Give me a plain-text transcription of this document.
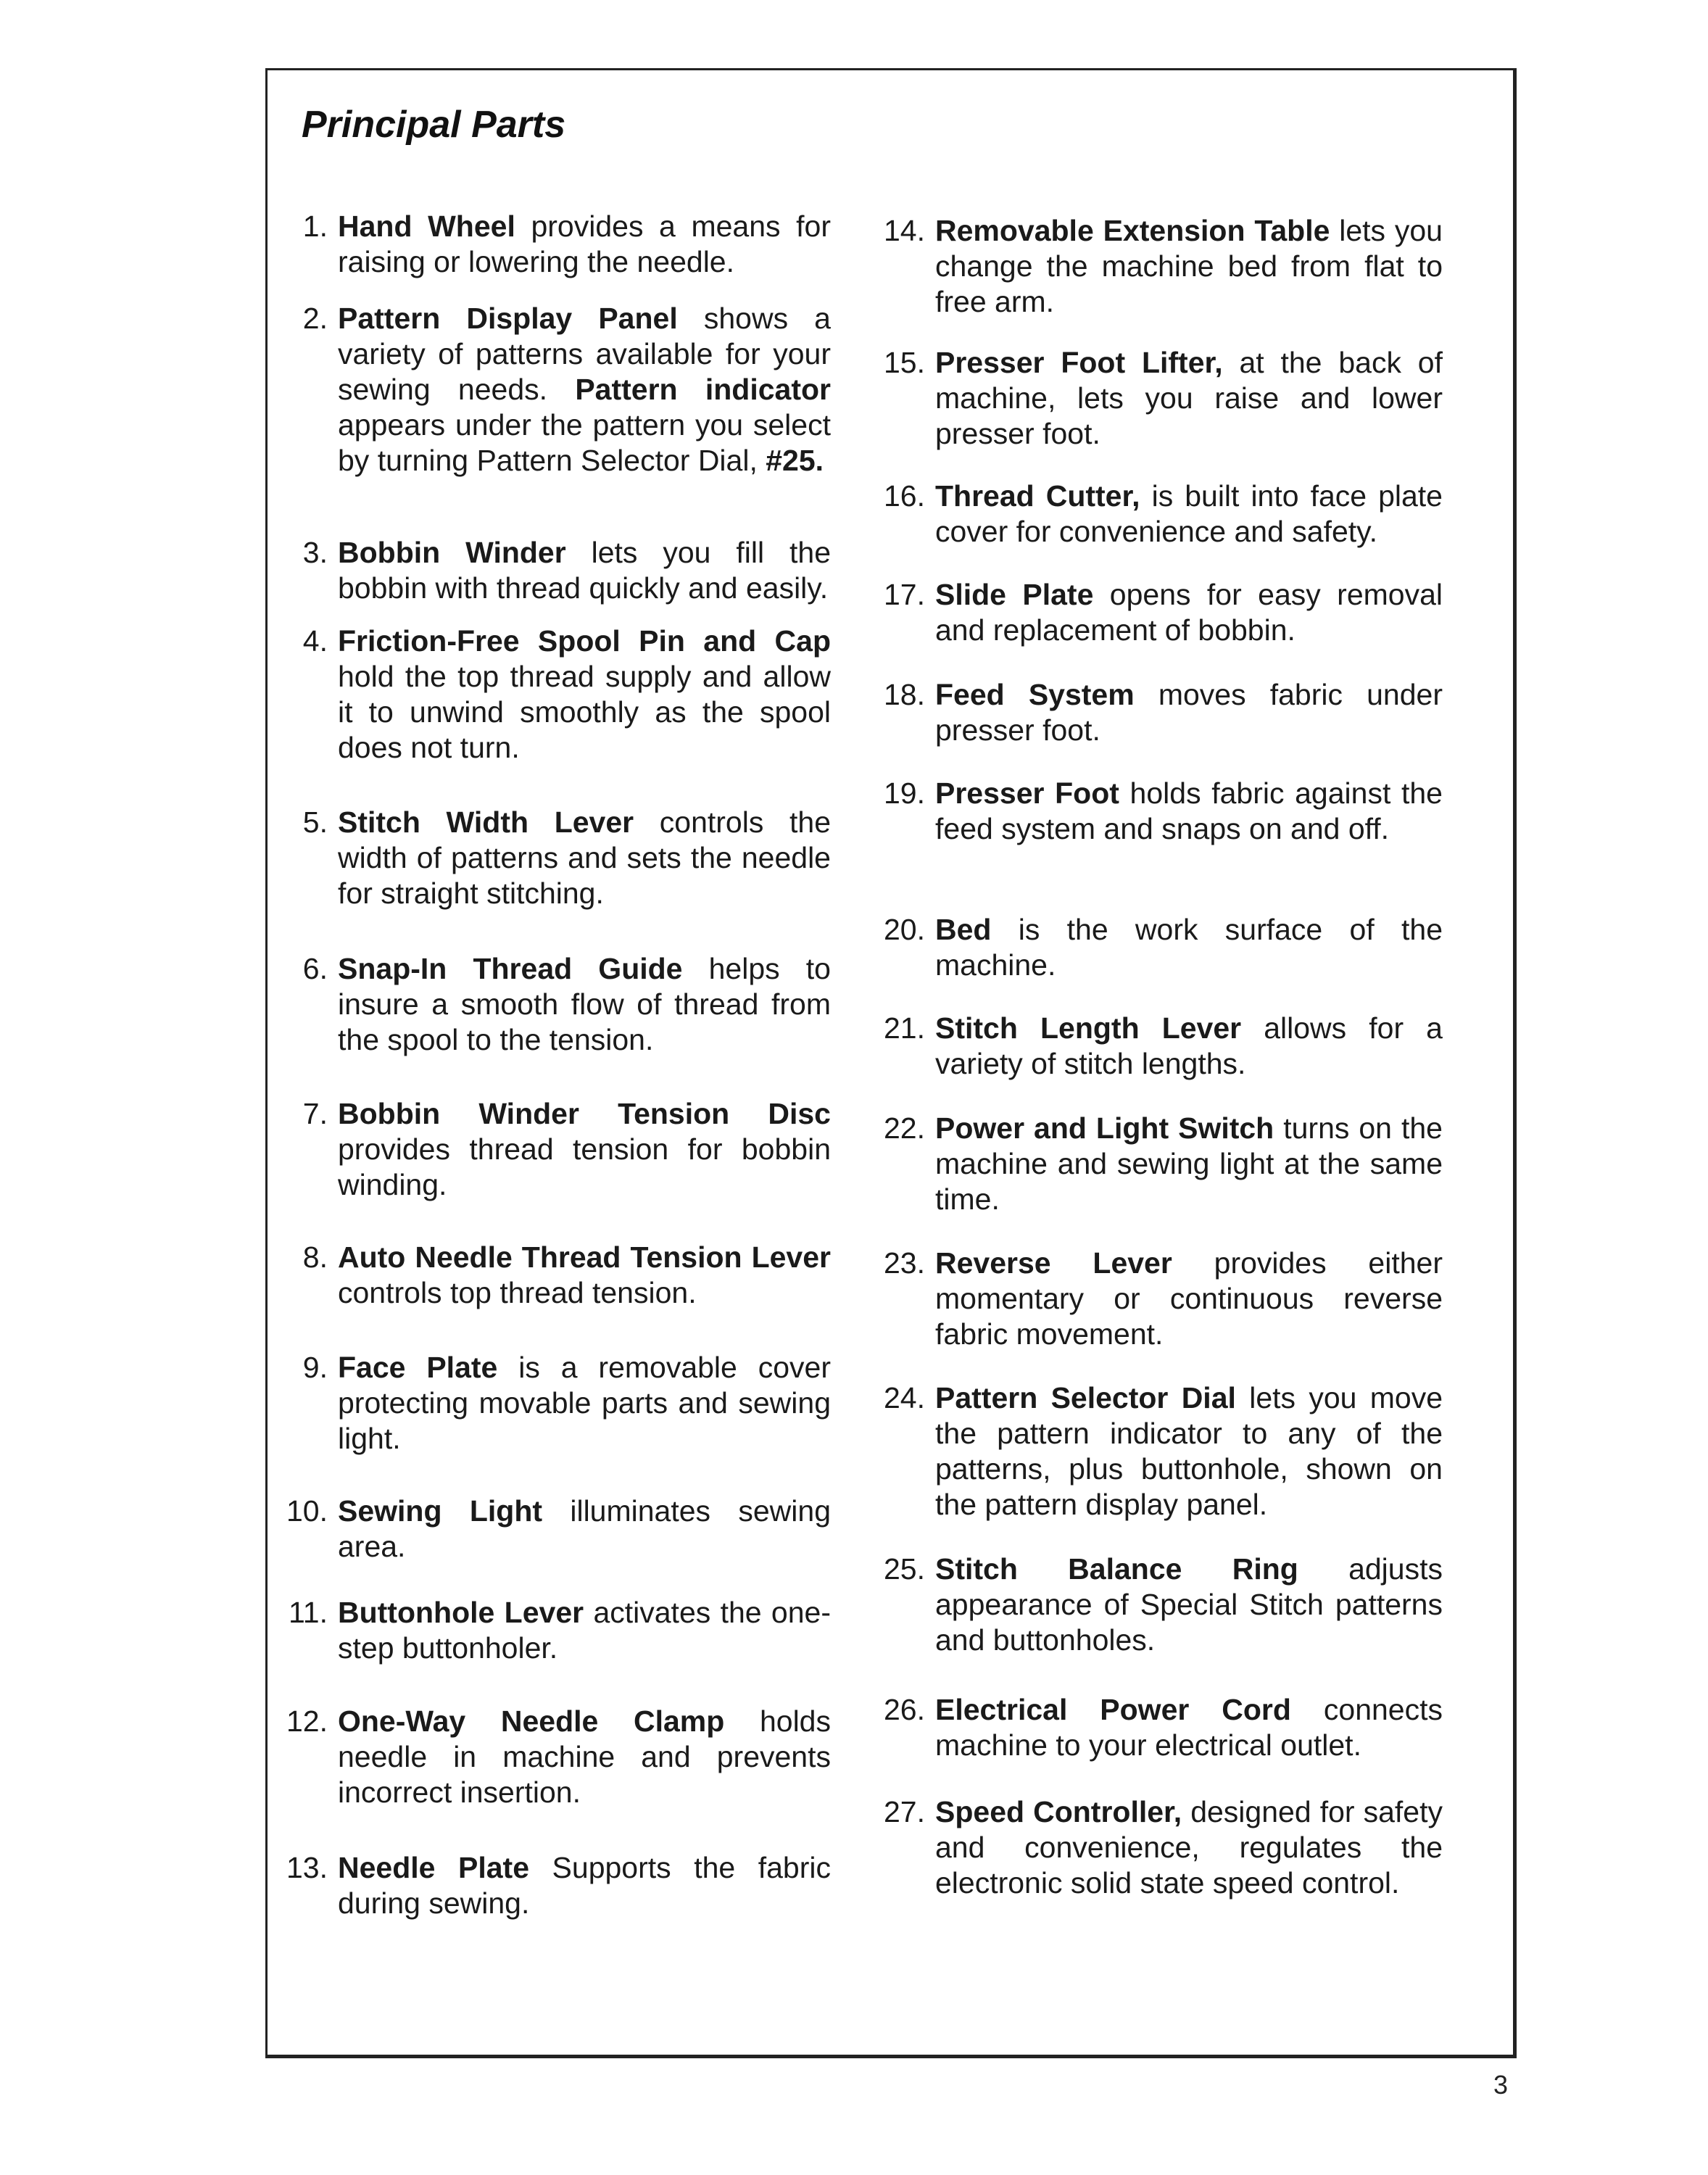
Principal Parts
1. Hand Wheel provides a means for raising or lowering the needle.
2. Pattern Display Panel shows a variety of patterns available for your sewing needs. Pattern indicator appears under the pattern you select by turning Pattern Selector Dial, #25.
3. Bobbin Winder lets you fill the bobbin with thread quickly and easily.
4. Friction-Free Spool Pin and Cap hold the top thread supply and allow it to unwind smoothly as the spool does not turn.
5. Stitch Width Lever controls the width of patterns and sets the needle for straight stitching.
6. Snap-In Thread Guide helps to insure a smooth flow of thread from the spool to the tension.
7. Bobbin Winder Tension Disc provides thread tension for bobbin winding.
8. Auto Needle Thread Tension Lever controls top thread tension.
9. Face Plate is a removable cover protecting movable parts and sewing light.
10. Sewing Light illuminates sewing area.
11. Buttonhole Lever activates the one-step buttonholer.
12. One-Way Needle Clamp holds needle in machine and prevents incorrect insertion.
13. Needle Plate Supports the fabric during sewing.
14. Removable Extension Table lets you change the machine bed from flat to free arm.
15. Presser Foot Lifter, at the back of machine, lets you raise and lower presser foot.
16. Thread Cutter, is built into face plate cover for convenience and safety.
17. Slide Plate opens for easy removal and replacement of bobbin.
18. Feed System moves fabric under presser foot.
19. Presser Foot holds fabric against the feed system and snaps on and off.
20. Bed is the work surface of the machine.
21. Stitch Length Lever allows for a variety of stitch lengths.
22. Power and Light Switch turns on the machine and sewing light at the same time.
23. Reverse Lever provides either momentary or continuous reverse fabric movement.
24. Pattern Selector Dial lets you move the pattern indicator to any of the patterns, plus buttonhole, shown on the pattern display panel.
25. Stitch Balance Ring adjusts appearance of Special Stitch patterns and buttonholes.
26. Electrical Power Cord connects machine to your electrical outlet.
27. Speed Controller, designed for safety and convenience, regulates the electronic solid state speed control.
3
